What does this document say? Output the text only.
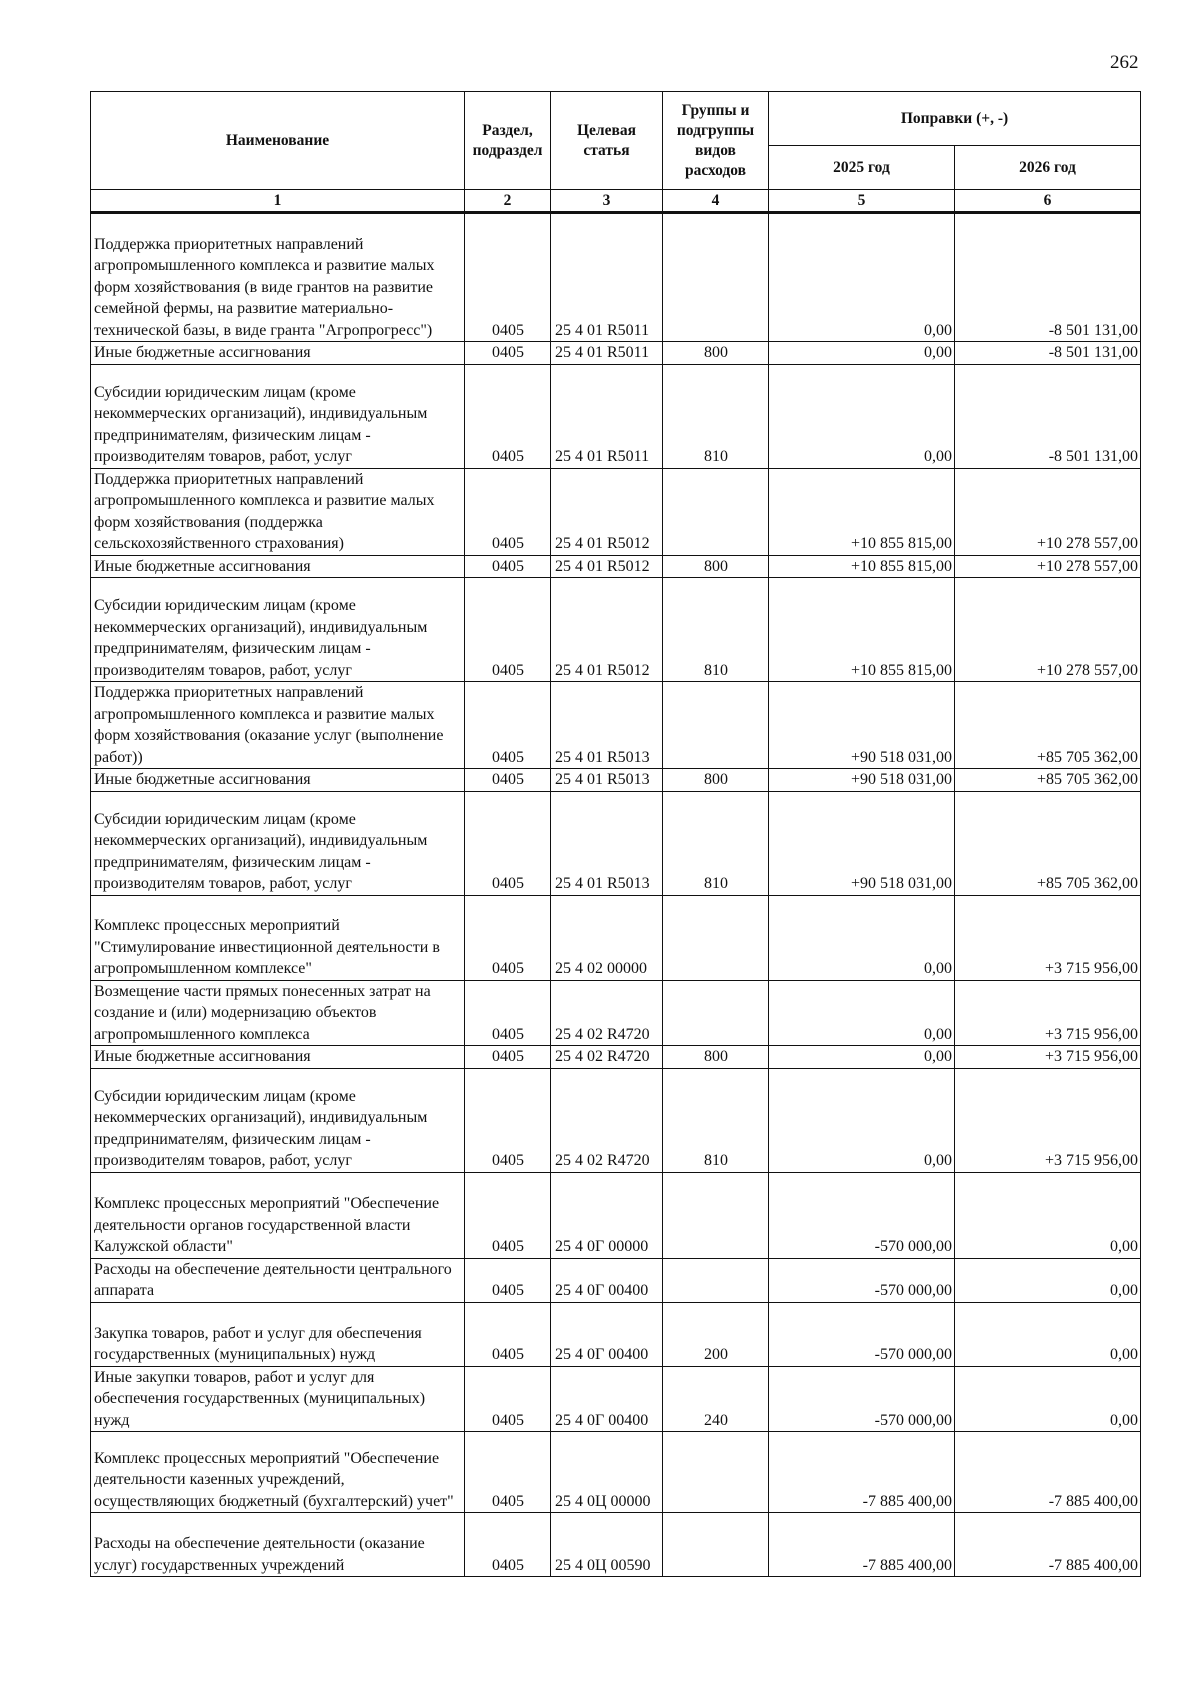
262
Наименование	Раздел, подраздел	Целевая статья	Группы и подгруппы видов расходов	Поправки (+, -)	
				2025 год	2026 год
1	2	3	4	5	6
Поддержка приоритетных направлений агропромышленного комплекса и развитие малых форм хозяйствования (в виде грантов на развитие семейной фермы, на развитие материально-технической базы, в виде гранта "Агропрогресс")	0405	25 4 01 R5011		0,00	-8 501 131,00
Иные бюджетные ассигнования	0405	25 4 01 R5011	800	0,00	-8 501 131,00
Субсидии юридическим лицам (кроме некоммерческих организаций), индивидуальным предпринимателям, физическим лицам - производителям товаров, работ, услуг	0405	25 4 01 R5011	810	0,00	-8 501 131,00
Поддержка приоритетных направлений агропромышленного комплекса и развитие малых форм хозяйствования (поддержка сельскохозяйственного страхования)	0405	25 4 01 R5012		+10 855 815,00	+10 278 557,00
Иные бюджетные ассигнования	0405	25 4 01 R5012	800	+10 855 815,00	+10 278 557,00
Субсидии юридическим лицам (кроме некоммерческих организаций), индивидуальным предпринимателям, физическим лицам - производителям товаров, работ, услуг	0405	25 4 01 R5012	810	+10 855 815,00	+10 278 557,00
Поддержка приоритетных направлений агропромышленного комплекса и развитие малых форм хозяйствования (оказание услуг (выполнение работ))	0405	25 4 01 R5013		+90 518 031,00	+85 705 362,00
Иные бюджетные ассигнования	0405	25 4 01 R5013	800	+90 518 031,00	+85 705 362,00
Субсидии юридическим лицам (кроме некоммерческих организаций), индивидуальным предпринимателям, физическим лицам - производителям товаров, работ, услуг	0405	25 4 01 R5013	810	+90 518 031,00	+85 705 362,00
Комплекс процессных мероприятий "Стимулирование инвестиционной деятельности в агропромышленном комплексе"	0405	25 4 02 00000		0,00	+3 715 956,00
Возмещение части прямых понесенных затрат на создание и (или) модернизацию объектов агропромышленного комплекса	0405	25 4 02 R4720		0,00	+3 715 956,00
Иные бюджетные ассигнования	0405	25 4 02 R4720	800	0,00	+3 715 956,00
Субсидии юридическим лицам (кроме некоммерческих организаций), индивидуальным предпринимателям, физическим лицам - производителям товаров, работ, услуг	0405	25 4 02 R4720	810	0,00	+3 715 956,00
Комплекс процессных мероприятий "Обеспечение деятельности органов государственной власти Калужской области"	0405	25 4 0Г 00000		-570 000,00	0,00
Расходы на обеспечение деятельности центрального аппарата	0405	25 4 0Г 00400		-570 000,00	0,00
Закупка товаров, работ и услуг для обеспечения государственных (муниципальных) нужд	0405	25 4 0Г 00400	200	-570 000,00	0,00
Иные закупки товаров, работ и услуг для обеспечения государственных (муниципальных) нужд	0405	25 4 0Г 00400	240	-570 000,00	0,00
Комплекс процессных мероприятий "Обеспечение деятельности казенных учреждений, осуществляющих бюджетный (бухгалтерский) учет"	0405	25 4 0Ц 00000		-7 885 400,00	-7 885 400,00
Расходы на обеспечение деятельности (оказание услуг) государственных учреждений	0405	25 4 0Ц 00590		-7 885 400,00	-7 885 400,00
